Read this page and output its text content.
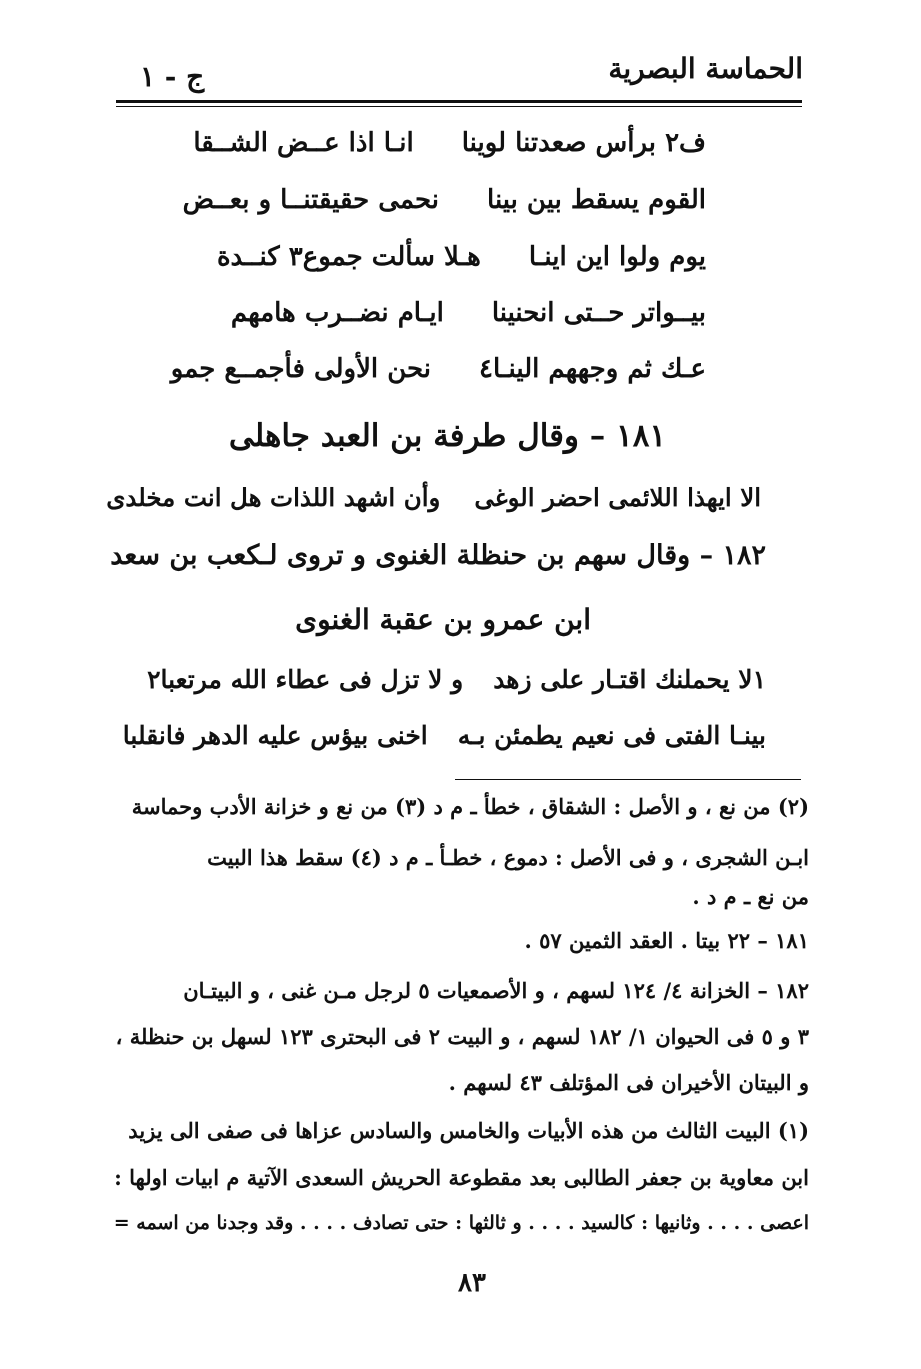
الحماسة البصرية
ج - ١
انـا اذا عــض الشــقا ف٢ برأس صعدتنا لوينا
نحمى حقيقتنــا و بعــض القوم يسقط بين بينا
هـلا سألت جموع٣ كنــدة يوم ولوا اين اينـا
ايـام نضــرب هامهم بيــواتر حــتى انحنينا
نحن الأولى فأجمــع جمو عـك ثم وجههم الينـا٤
١٨١ – وقال طرفة بن العبد جاهلى
الا ايهذا اللائمى احضر الوغىوأن اشهد اللذات هل انت مخلدى
١٨٢ – وقال سهم بن حنظلة الغنوى و تروى لـكعب بن سعد
ابن عمرو بن عقبة الغنوى
١لا يحملنك اقتـار على زهدو لا تزل فى عطاء الله مرتعبا٢
بينـا الفتى فى نعيم يطمئن بـهاخنى بيؤس عليه الدهر فانقلبا
(٢) من نع ، و الأصل : الشقاق ، خطأ ـ م د (٣) من نع و خزانة الأدب وحماسة
ابـن الشجرى ، و فى الأصل : دموع ، خطـأ ـ م د (٤) سقط هذا البيت
من نع ـ م د .
١٨١ – ٢٢ بيتا . العقد الثمين ٥٧ .
١٨٢ – الخزانة ٤/ ١٢٤ لسهم ، و الأصمعيات ٥ لرجل مـن غنى ، و البيتـان
٣ و ٥ فى الحيوان ١/ ١٨٢ لسهم ، و البيت ٢ فى البحترى ١٢٣ لسهل بن حنظلة ،
و البيتان الأخيران فى المؤتلف ٤٣ لسهم .
(١) البيت الثالث من هذه الأبيات والخامس والسادس عزاها فى صفى الى يزيد
ابن معاوية بن جعفر الطالبى بعد مقطوعة الحريش السعدى الآتية م ابيات اولها :
اعصى . . . . وثانيها : كالسيد . . . . و ثالثها : حتى تصادف . . . . وقد وجدنا من اسمه =
٨٣
